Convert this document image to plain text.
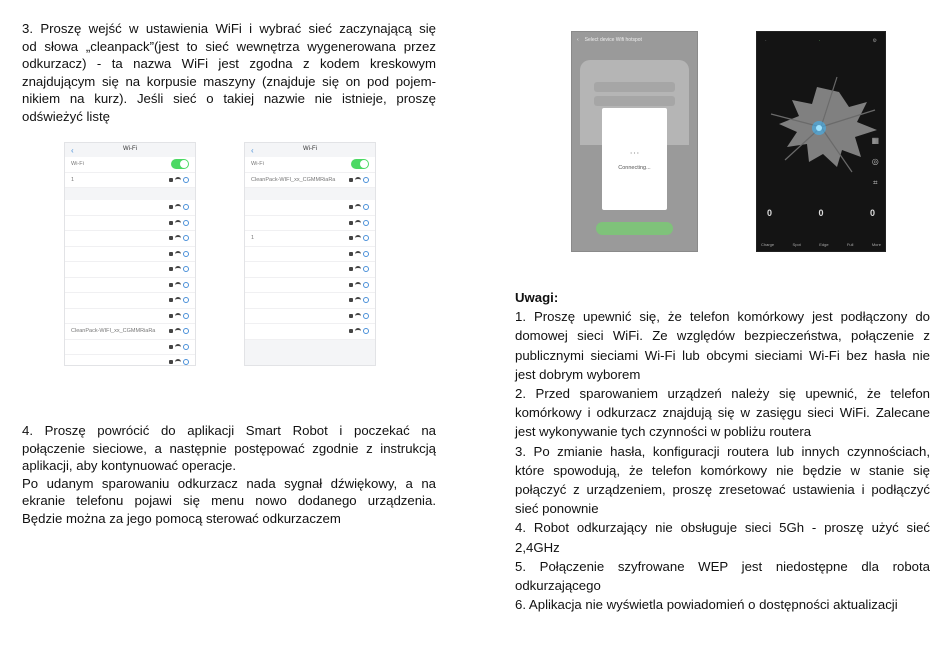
3. Proszę wejść w ustawienia WiFi i wybrać sieć zaczynającą się
od słowa „cleanpack”(jest to sieć wewnętrza wygenerowana przez
odkurzacz) - ta nazwa WiFi jest zgodna z kodem kreskowym
znajdującym się na korpusie maszyny (znajduje się on pod pojem-
nikiem na kurz). Jeśli sieć o takiej nazwie nie istnieje, proszę
odświeżyć listę
‹	Wi-Fi
Wi-Fi
1
CleanPack-WIFI_xx_CGMMRiaRa
‹	Wi-Fi
Wi-Fi
CleanPack-WIFI_xx_CGMMRiaRa
1
4. Proszę powrócić do aplikacji Smart Robot i poczekać na
połączenie sieciowe, a następnie postępować zgodnie z instrukcją
aplikacji, aby kontynuować operacje.
Po udanym sparowaniu odkurzacz nada sygnał dźwiękowy, a na
ekranie telefonu pojawi się menu nowo dodanego urządzenia.
Będzie można za jego pomocą sterować odkurzaczem
‹ Select device Wifi hotspot
⋯
Connecting...
·	·	⚙
▦
◎
⌗
0	0	0
Charge	Spot	Edge	Full	More
Uwagi:
1. Proszę upewnić się, że telefon komórkowy jest podłączony do
domowej sieci WiFi. Ze względów bezpieczeństwa, połączenie z
publicznymi sieciami Wi-Fi lub obcymi sieciami Wi-Fi bez hasła nie
jest dobrym wyborem
2. Przed sparowaniem urządzeń należy się upewnić, że telefon
komórkowy i odkurzacz znajdują się w zasięgu sieci WiFi. Zalecane
jest wykonywanie tych czynności w pobliżu routera
3. Po zmianie hasła, konfiguracji routera lub innych czynnościach,
które spowodują, że telefon komórkowy nie będzie w stanie się
połączyć z urządzeniem, proszę zresetować ustawienia i podłączyć
sieć ponownie
4. Robot odkurzający nie obsługuje sieci 5Gh - proszę użyć sieć
2,4GHz
5. Połączenie szyfrowane WEP jest niedostępne dla robota
odkurzającego
6. Aplikacja nie wyświetla powiadomień o dostępności aktualizacji
